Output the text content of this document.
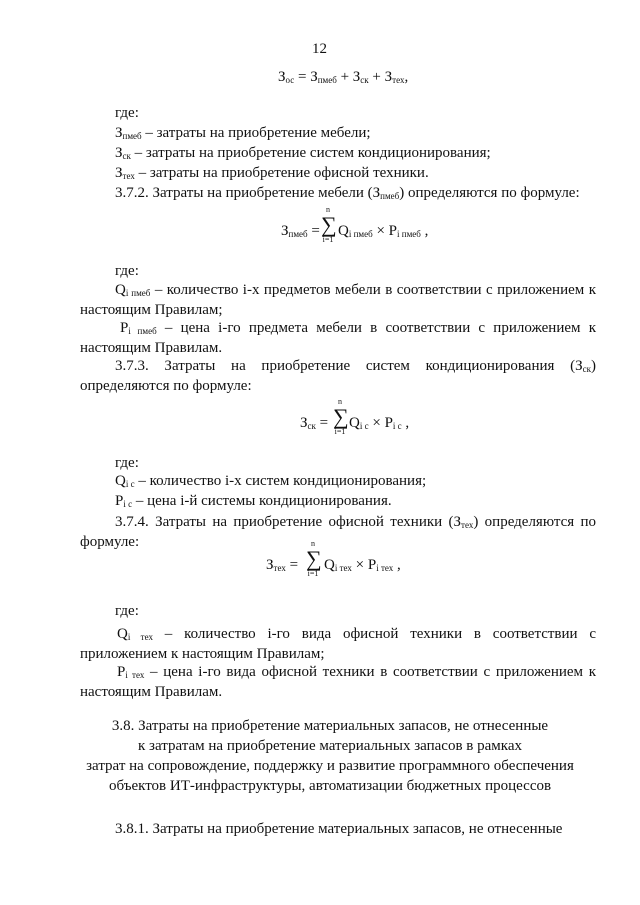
12
$З_{ос} = З_{пмеб} + З_{ск} + З_{тех}$,
где:
$З_{пмеб}$ – затраты на приобретение мебели;
$З_{ск}$ – затраты на приобретение систем кондиционирования;
$З_{тех}$ – затраты на приобретение офисной техники.
3.7.2. Затраты на приобретение мебели $(З_{пмеб})$ определяются по формуле:
$З_{пмеб}$ =
n
∑
i=1
$Q_{i пмеб} \times P_{i пмеб}$ ,
где:
$Q_{i пмеб}$ – количество i-х предметов мебели в соответствии с приложением к настоящим Правилам;
$P_{i пмеб}$ – цена i-го предмета мебели в соответствии с приложением к настоящим Правилам.
3.7.3. Затраты на приобретение систем кондиционирования $(З_{ск})$ определяются по формуле:
$З_{ск}$ =
n
∑
i=1
$Q_{i с} \times P_{i с}$ ,
где:
$Q_{i с}$ – количество i-х систем кондиционирования;
$P_{i с}$ – цена i-й системы кондиционирования.
3.7.4. Затраты на приобретение офисной техники $(З_{тех})$ определяются по формуле:
$З_{тех}$ =
n
∑
i=1
$Q_{i тех} \times P_{i тех}$ ,
где:
$Q_{i тех}$ – количество i-го вида офисной техники в соответствии с приложением к настоящим Правилам;
$P_{i тех}$ – цена i-го вида офисной техники в соответствии с приложением к настоящим Правилам.
3.8. Затраты на приобретение материальных запасов, не отнесенные
к затратам на приобретение материальных запасов в рамках
затрат на сопровождение, поддержку и развитие программного обеспечения
объектов ИТ-инфраструктуры, автоматизации бюджетных процессов
3.8.1. Затраты на приобретение материальных запасов, не отнесенные
